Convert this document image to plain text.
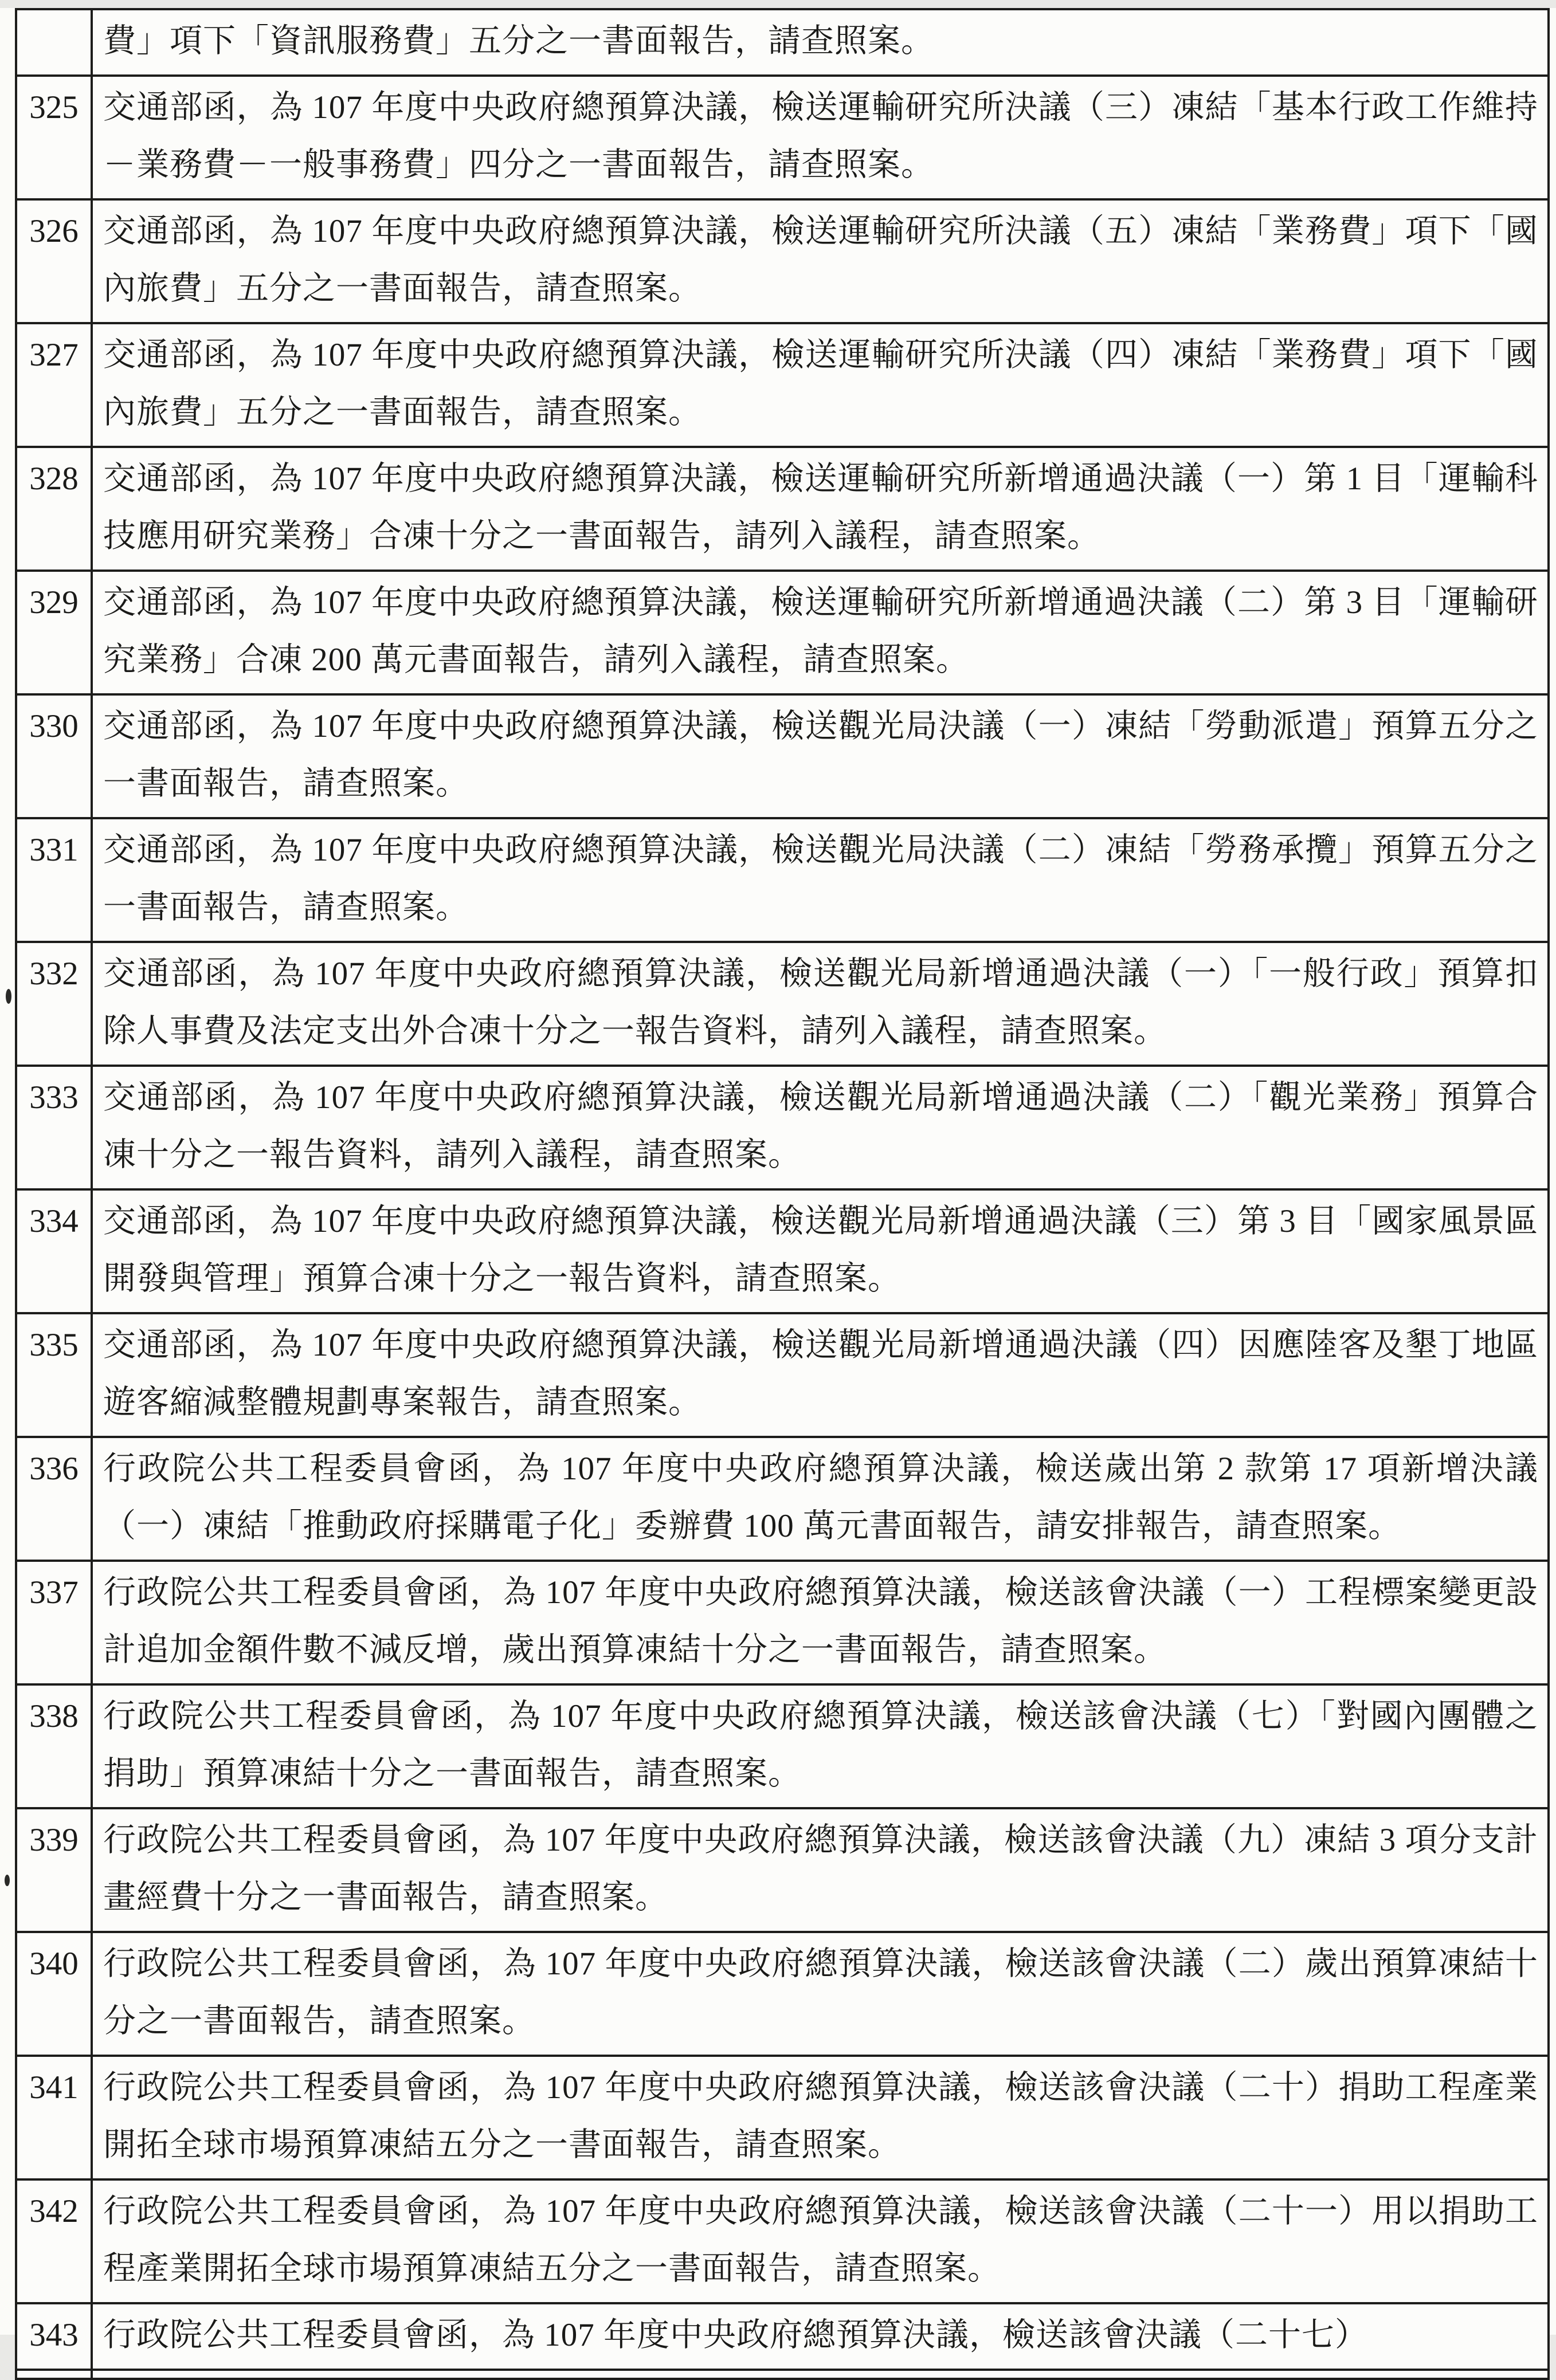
	費」項下「資訊服務費」五分之一書面報告，請查照案。
325	交通部函，為 107 年度中央政府總預算決議，檢送運輸研究所決議（三）凍結「基本行政工作維持－業務費－一般事務費」四分之一書面報告，請查照案。
326	交通部函，為 107 年度中央政府總預算決議，檢送運輸研究所決議（五）凍結「業務費」項下「國內旅費」五分之一書面報告，請查照案。
327	交通部函，為 107 年度中央政府總預算決議，檢送運輸研究所決議（四）凍結「業務費」項下「國內旅費」五分之一書面報告，請查照案。
328	交通部函，為 107 年度中央政府總預算決議，檢送運輸研究所新增通過決議（一）第 1 目「運輸科技應用研究業務」合凍十分之一書面報告，請列入議程，請查照案。
329	交通部函，為 107 年度中央政府總預算決議，檢送運輸研究所新增通過決議（二）第 3 目「運輸研究業務」合凍 200 萬元書面報告，請列入議程，請查照案。
330	交通部函，為 107 年度中央政府總預算決議，檢送觀光局決議（一）凍結「勞動派遣」預算五分之一書面報告，請查照案。
331	交通部函，為 107 年度中央政府總預算決議，檢送觀光局決議（二）凍結「勞務承攬」預算五分之一書面報告，請查照案。
332	交通部函，為 107 年度中央政府總預算決議，檢送觀光局新增通過決議（一）「一般行政」預算扣除人事費及法定支出外合凍十分之一報告資料，請列入議程，請查照案。
333	交通部函，為 107 年度中央政府總預算決議，檢送觀光局新增通過決議（二）「觀光業務」預算合凍十分之一報告資料，請列入議程，請查照案。
334	交通部函，為 107 年度中央政府總預算決議，檢送觀光局新增通過決議（三）第 3 目「國家風景區開發與管理」預算合凍十分之一報告資料，請查照案。
335	交通部函，為 107 年度中央政府總預算決議，檢送觀光局新增通過決議（四）因應陸客及墾丁地區遊客縮減整體規劃專案報告，請查照案。
336	行政院公共工程委員會函，為 107 年度中央政府總預算決議，檢送歲出第 2 款第 17 項新增決議（一）凍結「推動政府採購電子化」委辦費 100 萬元書面報告，請安排報告，請查照案。
337	行政院公共工程委員會函，為 107 年度中央政府總預算決議，檢送該會決議（一）工程標案變更設計追加金額件數不減反增，歲出預算凍結十分之一書面報告，請查照案。
338	行政院公共工程委員會函，為 107 年度中央政府總預算決議，檢送該會決議（七）「對國內團體之捐助」預算凍結十分之一書面報告，請查照案。
339	行政院公共工程委員會函，為 107 年度中央政府總預算決議，檢送該會決議（九）凍結 3 項分支計畫經費十分之一書面報告，請查照案。
340	行政院公共工程委員會函，為 107 年度中央政府總預算決議，檢送該會決議（二）歲出預算凍結十分之一書面報告，請查照案。
341	行政院公共工程委員會函，為 107 年度中央政府總預算決議，檢送該會決議（二十）捐助工程產業開拓全球市場預算凍結五分之一書面報告，請查照案。
342	行政院公共工程委員會函，為 107 年度中央政府總預算決議，檢送該會決議（二十一）用以捐助工程產業開拓全球市場預算凍結五分之一書面報告，請查照案。
343	行政院公共工程委員會函，為 107 年度中央政府總預算決議，檢送該會決議（二十七）
